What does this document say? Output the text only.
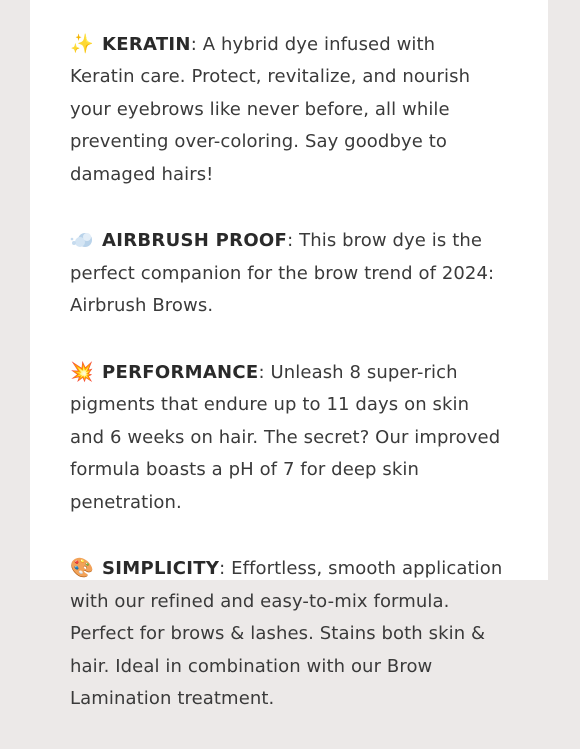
✨ KERATIN: A hybrid dye infused with
Keratin care. Protect, revitalize, and nourish
your eyebrows like never before, all while
preventing over-coloring. Say goodbye to
damaged hairs!

AIRBRUSH PROOF: This brow dye is the
perfect companion for the brow trend of 2024:
Airbrush Brows.

💥 PERFORMANCE: Unleash 8 super-rich
pigments that endure up to 11 days on skin
and 6 weeks on hair. The secret? Our improved
formula boasts a pH of 7 for deep skin
penetration.

🎨 SIMPLICITY: Effortless, smooth application
with our refined and easy-to-mix formula.
Perfect for brows & lashes. Stains both skin &
hair. Ideal in combination with our Brow
Lamination treatment.
